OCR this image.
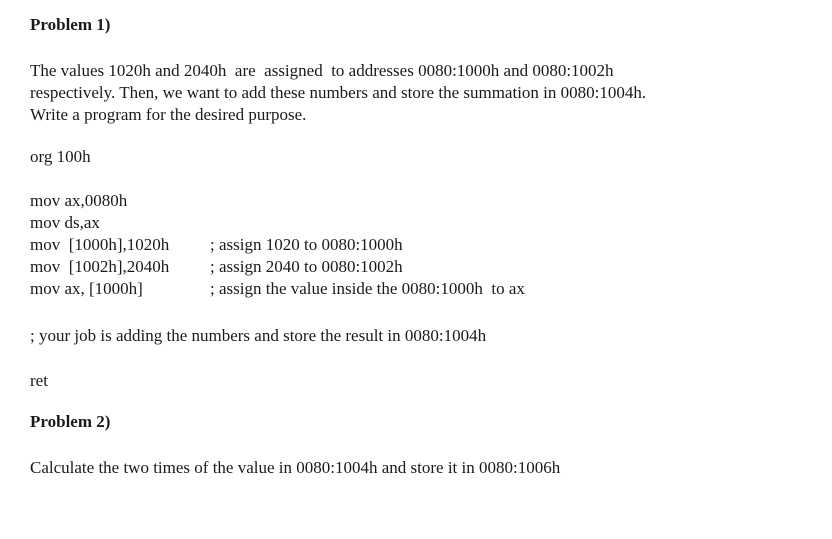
Problem 1)
The values 1020h and 2040h  are  assigned  to addresses 0080:1000h and 0080:1002h
respectively. Then, we want to add these numbers and store the summation in 0080:1004h.
Write a program for the desired purpose.
org 100h

mov ax,0080h

mov ds,ax

mov  [1000h],1020h

; assign 1020 to 0080:1000h

mov  [1002h],2040h

; assign 2040 to 0080:1002h

mov ax, [1000h]

	; assign the value inside the 0080:1000h  to ax

; your job is adding the numbers and store the result in 0080:1004h
ret
Problem 2)
Calculate the two times of the value in 0080:1004h and store it in 0080:1006h
